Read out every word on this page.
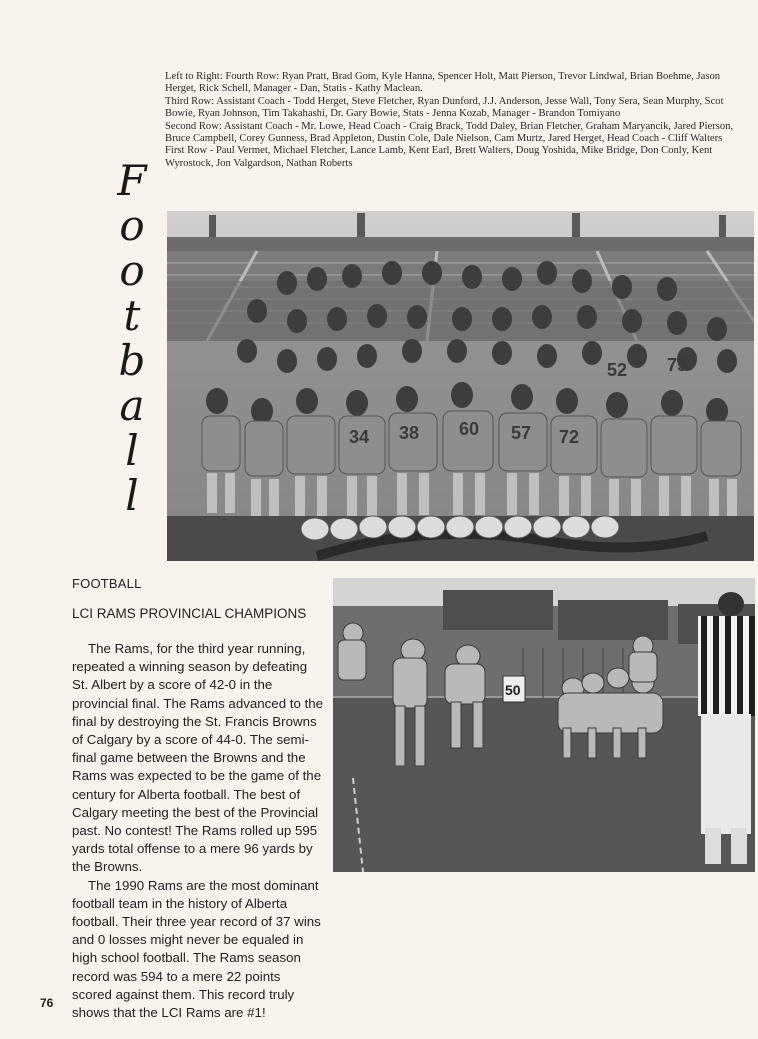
Left to Right: Fourth Row: Ryan Pratt, Brad Gom, Kyle Hanna, Spencer Holt, Matt Pierson, Trevor Lindwal, Brian Boehme, Jason Herget, Rick Schell, Manager - Dan, Statis - Kathy Maclean.

Third Row: Assistant Coach - Todd Herget, Steve Fletcher, Ryan Dunford, J.J. Anderson, Jesse Wall, Tony Sera, Sean Murphy, Scot Bowie, Ryan Johnson, Tim Takahashi, Dr. Gary Bowie, Stats - Jenna Kozab, Manager - Brandon Tomiyano

Second Row: Assistant Coach - Mr. Lowe, Head Coach - Craig Brack, Todd Daley, Brian Fletcher, Graham Maryancik, Jared Pierson, Bruce Campbell, Corey Gunness, Brad Appleton, Dustin Cole, Dale Nielson, Cam Murtz, Jared Herget, Head Coach - Cliff Walters

First Row - Paul Vermet, Michael Fletcher, Lance Lamb, Kent Earl, Brett Walters, Doug Yoshida, Mike Bridge, Don Conly, Kent Wyrostock, Jon Valgardson, Nathan Roberts

F
o
o
t
b
a
l
l
34 38 60 57 72
75
52
FOOTBALL
LCI RAMS PROVINCIAL CHAMPIONS

The Rams, for the third year running, repeated a winning season by defeating St. Albert by a score of 42-0 in the provincial final. The Rams advanced to the final by destroying the St. Francis Browns of Calgary by a score of 44-0. The semi-final game between the Browns and the Rams was expected to be the game of the century for Alberta football. The best of Calgary meeting the best of the Provincial past. No contest! The Rams rolled up 595 yards total offense to a mere 96 yards by the Browns.

The 1990 Rams are the most dominant football team in the history of Alberta football. Their three year record of 37 wins and 0 losses might never be equaled in high school football. The Rams season record was 594 to a mere 22 points scored against them. This record truly shows that the LCI Rams are #1!

50
76
